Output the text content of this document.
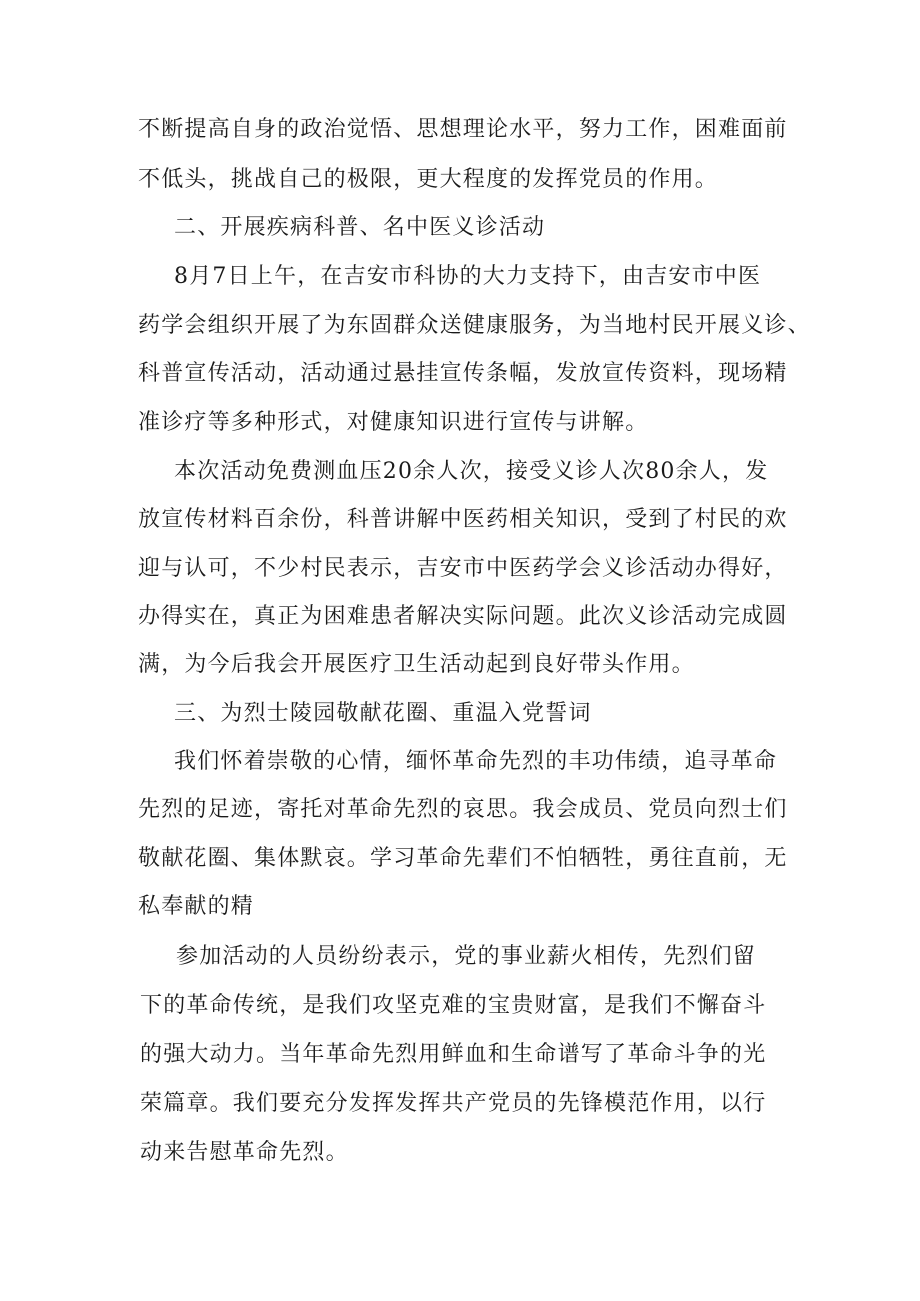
不断提高自身的政治觉悟、思想理论水平，努力工作，困难面前
不低头，挑战自己的极限，更大程度的发挥党员的作用。
二、开展疾病科普、名中医义诊活动
8月7日上午，在吉安市科协的大力支持下，由吉安市中医
药学会组织开展了为东固群众送健康服务，为当地村民开展义诊、
科普宣传活动，活动通过悬挂宣传条幅，发放宣传资料，现场精
准诊疗等多种形式，对健康知识进行宣传与讲解。
本次活动免费测血压20余人次，接受义诊人次80余人，发
放宣传材料百余份，科普讲解中医药相关知识，受到了村民的欢
迎与认可，不少村民表示，吉安市中医药学会义诊活动办得好，
办得实在，真正为困难患者解决实际问题。此次义诊活动完成圆
满，为今后我会开展医疗卫生活动起到良好带头作用。
三、为烈士陵园敬献花圈、重温入党誓词
我们怀着崇敬的心情，缅怀革命先烈的丰功伟绩，追寻革命
先烈的足迹，寄托对革命先烈的哀思。我会成员、党员向烈士们
敬献花圈、集体默哀。学习革命先辈们不怕牺牲，勇往直前，无
私奉献的精
参加活动的人员纷纷表示，党的事业薪火相传，先烈们留
下的革命传统，是我们攻坚克难的宝贵财富，是我们不懈奋斗
的强大动力。当年革命先烈用鲜血和生命谱写了革命斗争的光
荣篇章。我们要充分发挥发挥共产党员的先锋模范作用，以行
动来告慰革命先烈。
